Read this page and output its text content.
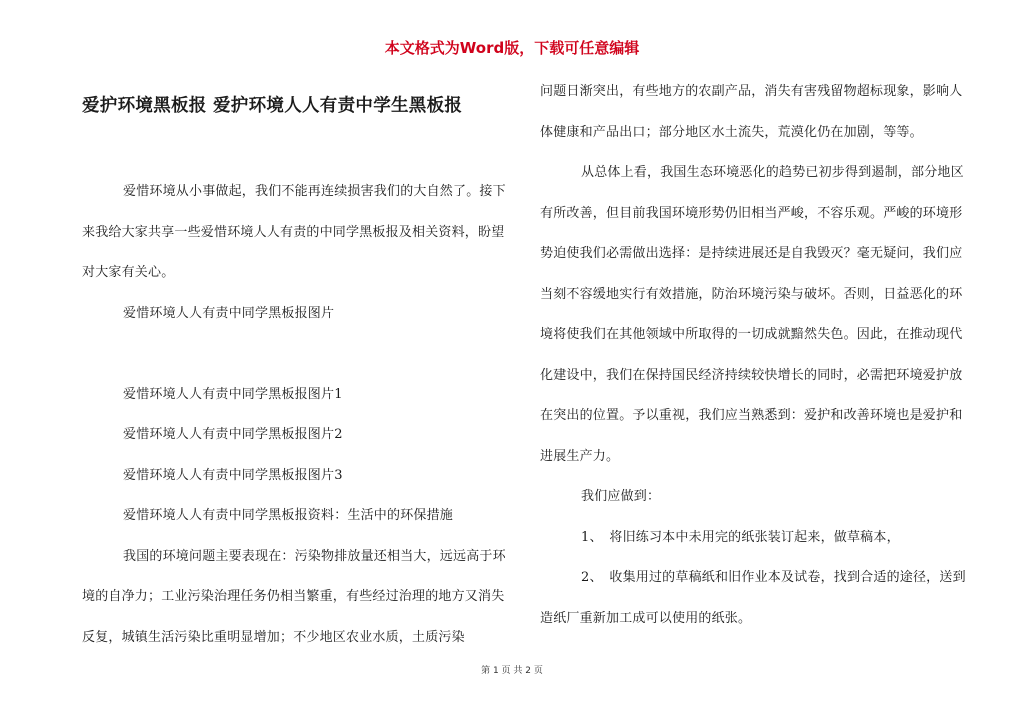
本文格式为Word版，下载可任意编辑
爱护环境黑板报 爱护环境人人有责中学生黑板报

爱惜环境从小事做起，我们不能再连续损害我们的大自然了。接下来我给大家共享一些爱惜环境人人有责的中同学黑板报及相关资料，盼望对大家有关心。

爱惜环境人人有责中同学黑板报图片

爱惜环境人人有责中同学黑板报图片1

爱惜环境人人有责中同学黑板报图片2

爱惜环境人人有责中同学黑板报图片3

爱惜环境人人有责中同学黑板报资料：生活中的环保措施

我国的环境问题主要表现在：污染物排放量还相当大，远远高于环境的自净力；工业污染治理任务仍相当繁重，有些经过治理的地方又消失反复，城镇生活污染比重明显增加；不少地区农业水质，土质污染

问题日渐突出，有些地方的农副产品，消失有害残留物超标现象，影响人体健康和产品出口；部分地区水土流失，荒漠化仍在加剧，等等。

从总体上看，我国生态环境恶化的趋势已初步得到遏制，部分地区有所改善，但目前我国环境形势仍旧相当严峻，不容乐观。严峻的环境形势迫使我们必需做出选择：是持续进展还是自我毁灭？毫无疑问，我们应当刻不容缓地实行有效措施，防治环境污染与破坏。否则，日益恶化的环境将使我们在其他领域中所取得的一切成就黯然失色。因此，在推动现代化建设中，我们在保持国民经济持续较快增长的同时，必需把环境爱护放在突出的位置。予以重视，我们应当熟悉到：爱护和改善环境也是爱护和进展生产力。

我们应做到：

1、　将旧练习本中未用完的纸张装订起来，做草稿本，

2、　收集用过的草稿纸和旧作业本及试卷，找到合适的途径，送到造纸厂重新加工成可以使用的纸张。

第 1 页 共 2 页
